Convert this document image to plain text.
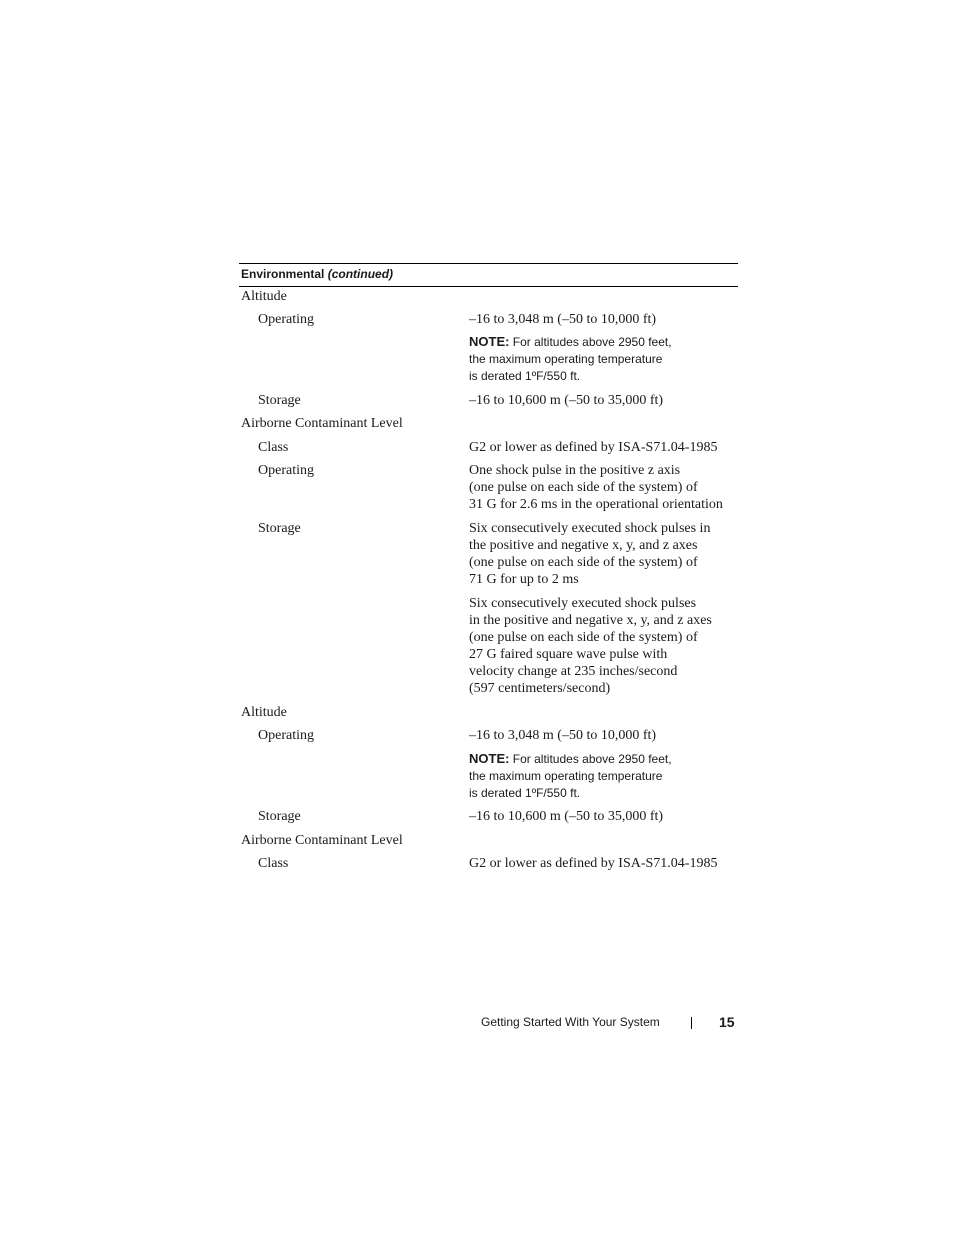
Environmental (continued)
Altitude
Operating	–16 to 3,048 m (–50 to 10,000 ft)
NOTE: For altitudes above 2950 feet,
the maximum operating temperature
is derated 1ºF/550 ft.
Storage	–16 to 10,600 m (–50 to 35,000 ft)
Airborne Contaminant Level
Class	G2 or lower as defined by ISA-S71.04-1985
Operating	One shock pulse in the positive z axis
(one pulse on each side of the system) of
31 G for 2.6 ms in the operational orientation
Storage	Six consecutively executed shock pulses in
the positive and negative x, y, and z axes
(one pulse on each side of the system) of
71 G for up to 2 ms
Six consecutively executed shock pulses
in the positive and negative x, y, and z axes
(one pulse on each side of the system) of
27 G faired square wave pulse with
velocity change at 235 inches/second
(597 centimeters/second)
Altitude
Operating	–16 to 3,048 m (–50 to 10,000 ft)
NOTE: For altitudes above 2950 feet,
the maximum operating temperature
is derated 1ºF/550 ft.
Storage	–16 to 10,600 m (–50 to 35,000 ft)
Airborne Contaminant Level
Class	G2 or lower as defined by ISA-S71.04-1985
Getting Started With Your System	15
